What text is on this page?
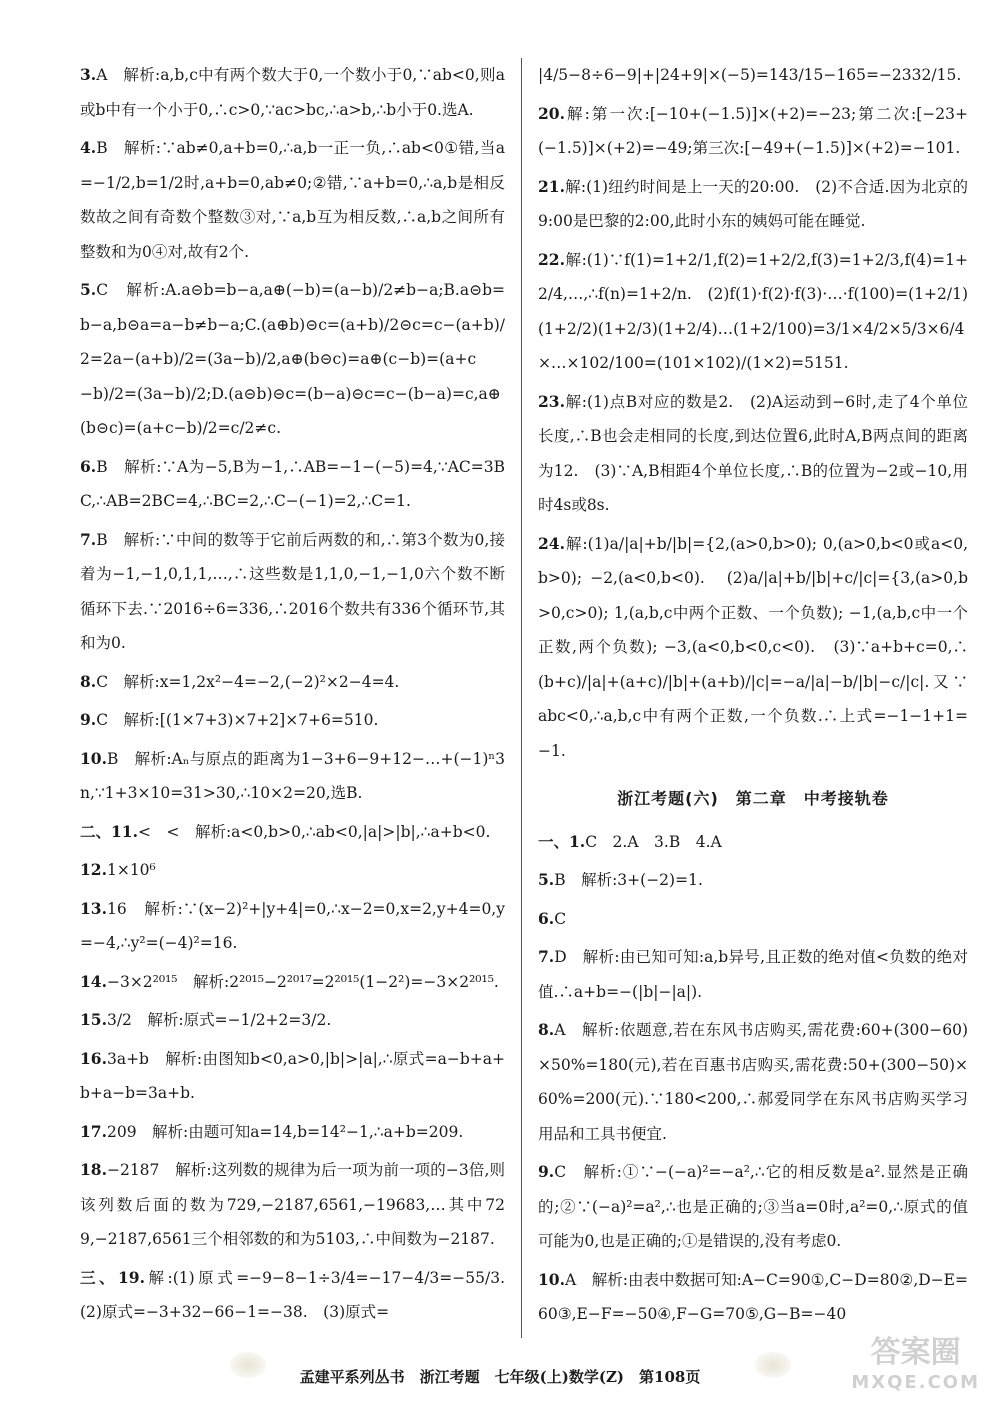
3.A　解析:a,b,c中有两个数大于0,一个数小于0,∵ab<0,则a或b中有一个小于0,∴c>0,∵ac>bc,∴a>b,∴b小于0.选A.
4.B　解析:∵ab≠0,a+b=0,∴a,b一正一负,∴ab<0①错,当a=−1/2,b=1/2时,a+b=0,ab≠0;②错,∵a+b=0,∴a,b是相反数故之间有奇数个整数③对,∵a,b互为相反数,∴a,b之间所有整数和为0④对,故有2个.
5.C　解析:A.a⊝b=b−a,a⊕(−b)=(a−b)/2≠b−a;B.a⊝b=b−a,b⊝a=a−b≠b−a;C.(a⊕b)⊝c=(a+b)/2⊝c=c−(a+b)/2=2a−(a+b)/2=(3a−b)/2,a⊕(b⊝c)=a⊕(c−b)=(a+c−b)/2=(3a−b)/2;D.(a⊝b)⊝c=(b−a)⊝c=c−(b−a)=c,a⊕(b⊝c)=(a+c−b)/2=c/2≠c.
6.B　解析:∵A为−5,B为−1,∴AB=−1−(−5)=4,∵AC=3BC,∴AB=2BC=4,∴BC=2,∴C−(−1)=2,∴C=1.
7.B　解析:∵中间的数等于它前后两数的和,∴第3个数为0,接着为−1,−1,0,1,1,…,∴这些数是1,1,0,−1,−1,0六个数不断循环下去.∵2016÷6=336,∴2016个数共有336个循环节,其和为0.
8.C　解析:x=1,2x²−4=−2,(−2)²×2−4=4.
9.C　解析:[(1×7+3)×7+2]×7+6=510.
10.B　解析:Aₙ与原点的距离为1−3+6−9+12−…+(−1)ⁿ3n,∵1+3×10=31>30,∴10×2=20,选B.
二、11.<　<　解析:a<0,b>0,∴ab<0,|a|>|b|,∴a+b<0.
12.1×10⁶
13.16　解析:∵(x−2)²+|y+4|=0,∴x−2=0,x=2,y+4=0,y=−4,∴y²=(−4)²=16.
14.−3×2²⁰¹⁵　解析:2²⁰¹⁵−2²⁰¹⁷=2²⁰¹⁵(1−2²)=−3×2²⁰¹⁵.
15.3/2　解析:原式=−1/2+2=3/2.
16.3a+b　解析:由图知b<0,a>0,|b|>|a|,∴原式=a−b+a+b+a−b=3a+b.
17.209　解析:由题可知a=14,b=14²−1,∴a+b=209.
18.−2187　解析:这列数的规律为后一项为前一项的−3倍,则该列数后面的数为729,−2187,6561,−19683,…其中729,−2187,6561三个相邻数的和为5103,∴中间数为−2187.
三、19.解:(1)原式=−9−8−1÷3/4=−17−4/3=−55/3.　(2)原式=−3+32−66−1=−38.　(3)原式=
|4/5−8÷6−9|+|24+9|×(−5)=143/15−165=−2332/15.
20.解:第一次:[−10+(−1.5)]×(+2)=−23;第二次:[−23+(−1.5)]×(+2)=−49;第三次:[−49+(−1.5)]×(+2)=−101.
21.解:(1)纽约时间是上一天的20:00.　(2)不合适.因为北京的9:00是巴黎的2:00,此时小东的姨妈可能在睡觉.
22.解:(1)∵f(1)=1+2/1,f(2)=1+2/2,f(3)=1+2/3,f(4)=1+2/4,…,∴f(n)=1+2/n.　(2)f(1)·f(2)·f(3)·…·f(100)=(1+2/1)(1+2/2)(1+2/3)(1+2/4)…(1+2/100)=3/1×4/2×5/3×6/4×…×102/100=(101×102)/(1×2)=5151.
23.解:(1)点B对应的数是2.　(2)A运动到−6时,走了4个单位长度,∴B也会走相同的长度,到达位置6,此时A,B两点间的距离为12.　(3)∵A,B相距4个单位长度,∴B的位置为−2或−10,用时4s或8s.
24.解:(1)a/|a|+b/|b|={2,(a>0,b>0); 0,(a>0,b<0或a<0,b>0); −2,(a<0,b<0).　(2)a/|a|+b/|b|+c/|c|={3,(a>0,b>0,c>0); 1,(a,b,c中两个正数、一个负数); −1,(a,b,c中一个正数,两个负数); −3,(a<0,b<0,c<0).　(3)∵a+b+c=0,∴(b+c)/|a|+(a+c)/|b|+(a+b)/|c|=−a/|a|−b/|b|−c/|c|.又∵abc<0,∴a,b,c中有两个正数,一个负数.∴上式=−1−1+1=−1.
浙江考题(六)　第二章　中考接轨卷
一、1.C　2.A　3.B　4.A
5.B　解析:3+(−2)=1.
6.C
7.D　解析:由已知可知:a,b异号,且正数的绝对值<负数的绝对值.∴a+b=−(|b|−|a|).
8.A　解析:依题意,若在东风书店购买,需花费:60+(300−60)×50%=180(元),若在百惠书店购买,需花费:50+(300−50)×60%=200(元).∵180<200,∴郝爱同学在东风书店购买学习用品和工具书便宜.
9.C　解析:①∵−(−a)²=−a²,∴它的相反数是a².显然是正确的;②∵(−a)²=a²,∴也是正确的;③当a=0时,a²=0,∴原式的值可能为0,也是正确的;①是错误的,没有考虑0.
10.A　解析:由表中数据可知:A−C=90①,C−D=80②,D−E=60③,E−F=−50④,F−G=70⑤,G−B=−40
孟建平系列丛书　浙江考题　七年级(上)数学(Z)　第108页
答案圈
MXQE.COM
